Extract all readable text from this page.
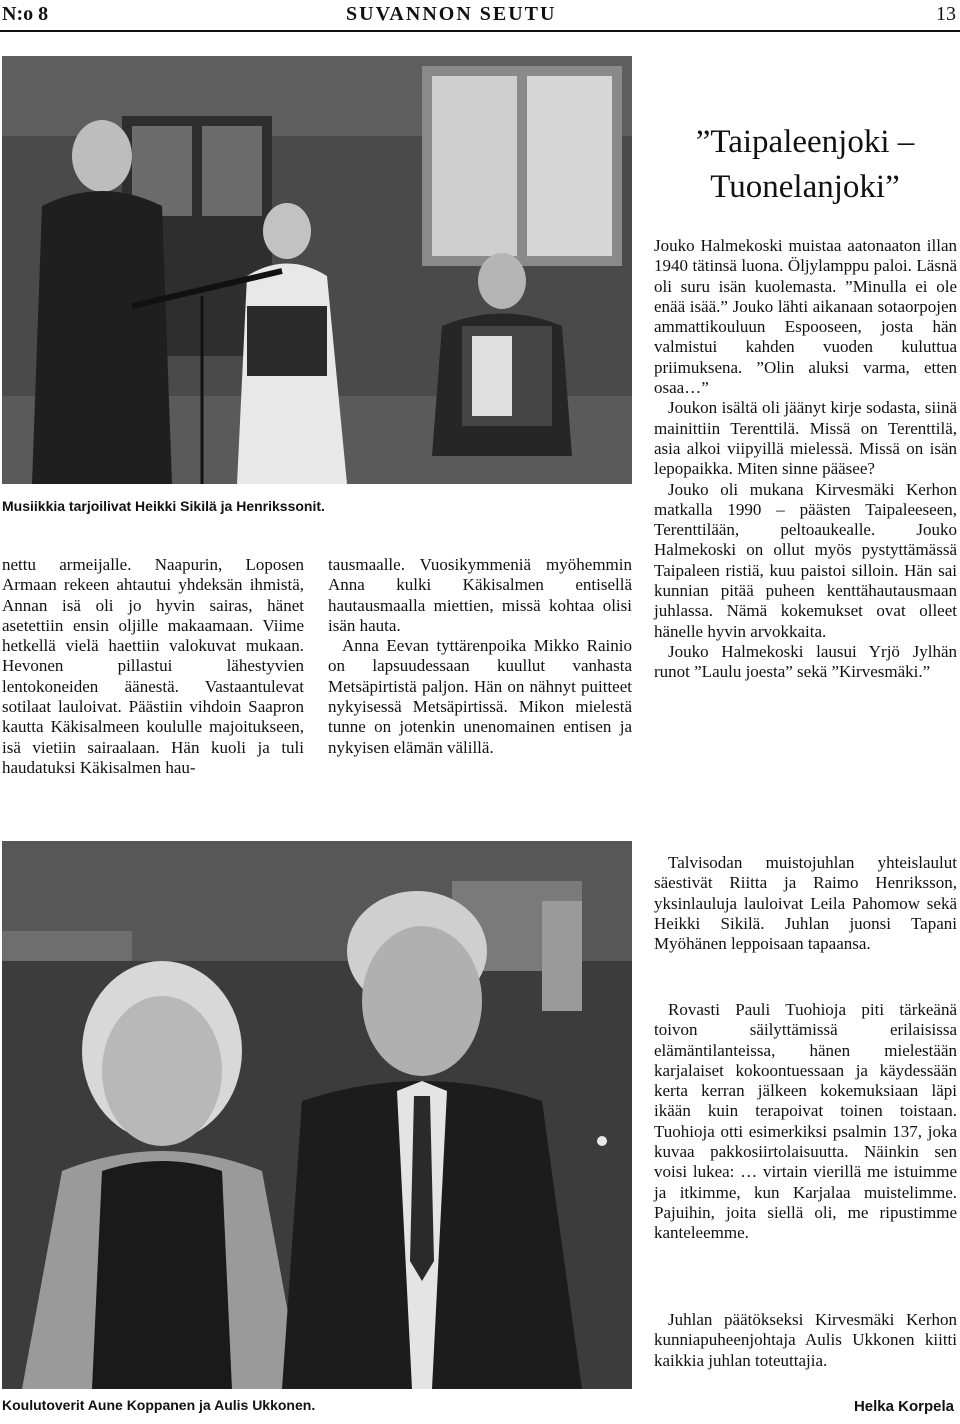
N:o 8	SUVANNON SEUTU	13
Musiikkia tarjoilivat Heikki Sikilä ja Henrikssonit.

nettu armeijalle. Naapurin, Loposen Armaan rekeen ahtautui yhdeksän ihmistä, Annan isä oli jo hyvin sairas, hänet asetettiin ensin oljille makaamaan. Viime hetkellä vielä haettiin valokuvat mukaan. Hevonen pillastui lähestyvien lentokoneiden äänestä. Vastaantulevat sotilaat lauloivat. Päästiin vihdoin Saapron kautta Käkisalmeen koululle majoitukseen, isä vietiin sairaalaan. Hän kuoli ja tuli haudatuksi Käkisalmen hau-

tausmaalle. Vuosikymmeniä myöhemmin Anna kulki Käkisalmen entisellä hautausmaalla miettien, missä kohtaa olisi isän hauta.

Anna Eevan tyttärenpoika Mikko Rainio on lapsuudessaan kuullut vanhasta Metsäpirtistä paljon. Hän on nähnyt puitteet nykyisessä Metsäpirtissä. Mikon mielestä tunne on jotenkin unenomainen entisen ja nykyisen elämän välillä.

”Taipaleenjoki –
Tuonelanjoki”

Jouko Halmekoski muistaa aatonaaton illan 1940 tätinsä luona. Öljylamppu paloi. Läsnä oli suru isän kuolemasta. ”Minulla ei ole enää isää.” Jouko lähti aikanaan sotaorpojen ammattikouluun Espooseen, josta hän valmistui kahden vuoden kuluttua priimuksena. ”Olin aluksi varma, etten osaa…”

Joukon isältä oli jäänyt kirje sodasta, siinä mainittiin Terenttilä. Missä on Terenttilä, asia alkoi viipyillä mielessä. Missä on isän lepopaikka. Miten sinne pääsee?

Jouko oli mukana Kirvesmäki Kerhon matkalla 1990 – päästen Taipaleeseen, Terenttilään, peltoaukealle. Jouko Halmekoski on ollut myös pystyttämässä Taipaleen ristiä, kuu paistoi silloin. Hän sai kunnian pitää puheen kenttähautausmaan juhlassa. Nämä kokemukset ovat olleet hänelle hyvin arvokkaita.

Jouko Halmekoski lausui Yrjö Jylhän runot ”Laulu joesta” sekä ”Kirvesmäki.”

Talvisodan muistojuhlan yhteislaulut säestivät Riitta ja Raimo Henriksson, yksinlauluja lauloivat Leila Pahomow sekä Heikki Sikilä. Juhlan juonsi Tapani Myöhänen leppoisaan tapaansa.

Rovasti Pauli Tuohioja piti tärkeänä toivon säilyttämissä erilaisissa elämäntilanteissa, hänen mielestään karjalaiset kokoontuessaan ja käydessään kerta kerran jälkeen kokemuksiaan läpi ikään kuin terapoivat toinen toistaan. Tuohioja otti esimerkiksi psalmin 137, joka kuvaa pakkosiirtolaisuutta. Näinkin sen voisi lukea: … virtain vierillä me istuimme ja itkimme, kun Karjalaa muistelimme. Pajuihin, joita siellä oli, me ripustimme kanteleemme.

Juhlan päätökseksi Kirvesmäki Kerhon kunniapuheenjohtaja Aulis Ukkonen kiitti kaikkia juhlan toteuttajia.

Koulutoverit Aune Koppanen ja Aulis Ukkonen.	Helka Korpela
